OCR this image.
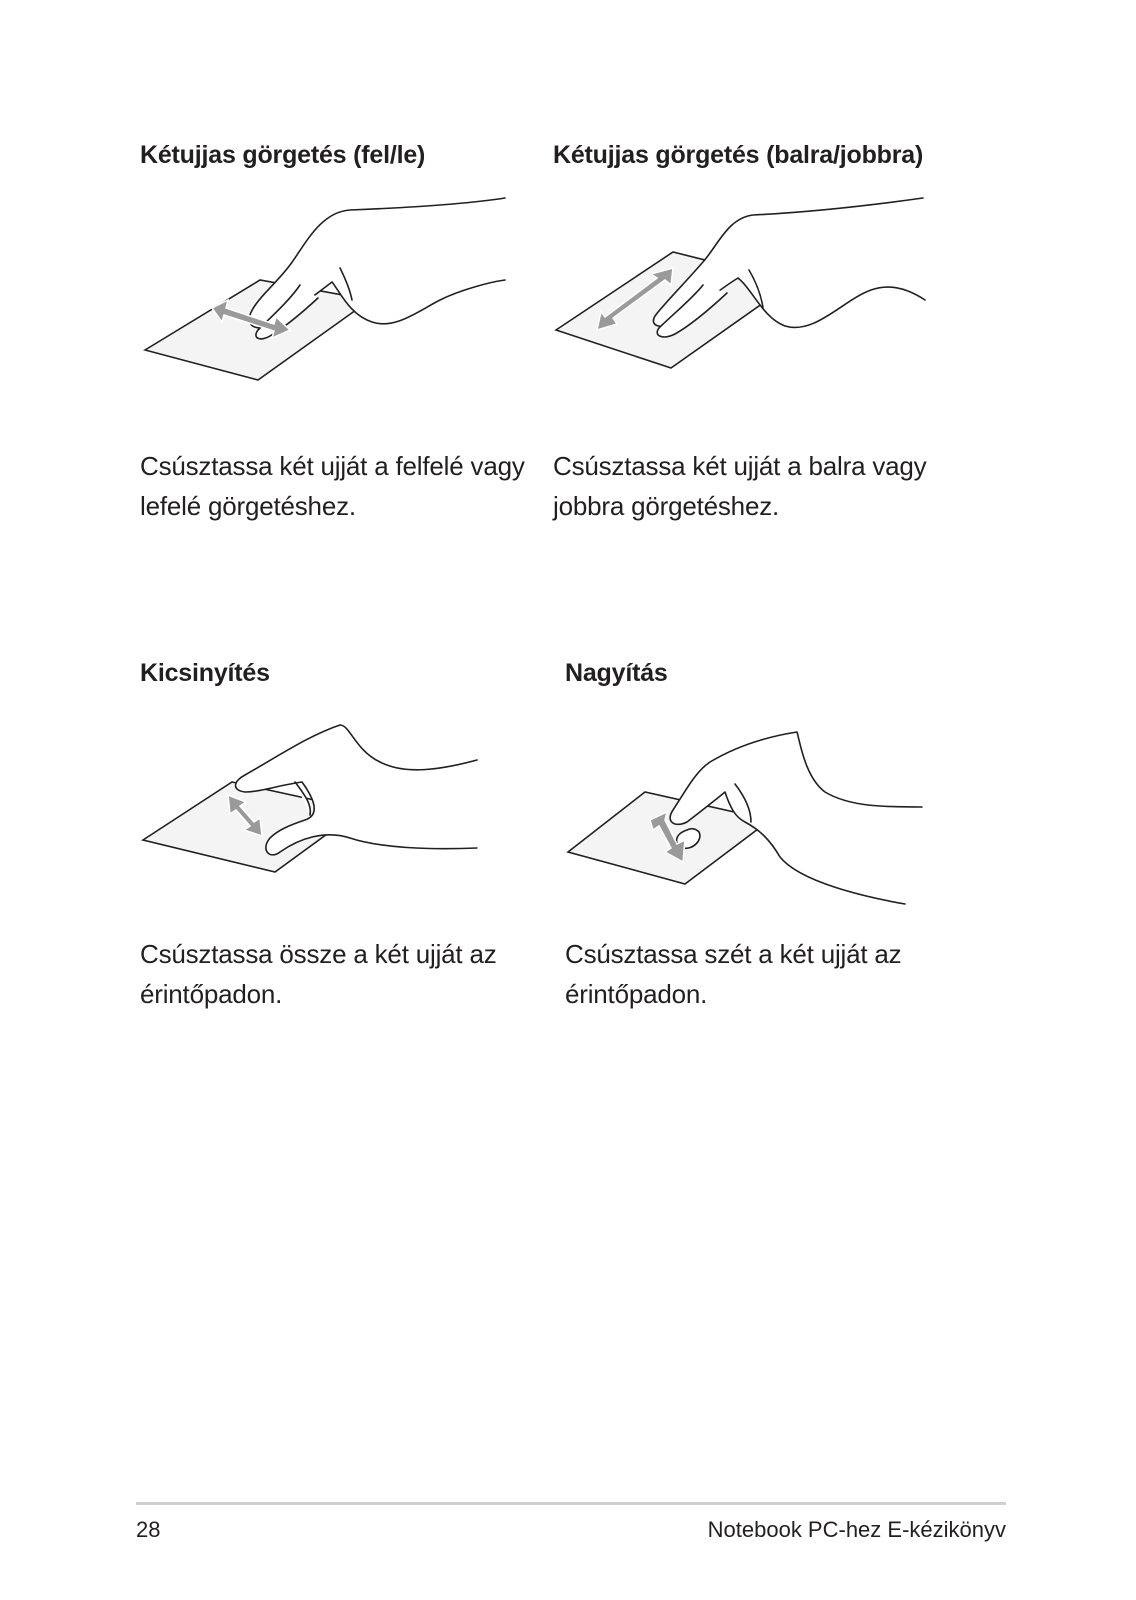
Kétujjas görgetés (fel/le)
Csúsztassa két ujját a felfelé vagy lefelé görgetéshez.
Kétujjas görgetés (balra/jobbra)
Csúsztassa két ujját a balra vagy jobbra görgetéshez.
Kicsinyítés
Csúsztassa össze a két ujját az érintőpadon.
Nagyítás
Csúsztassa szét a két ujját az érintőpadon.
28	Notebook PC-hez E-kézikönyv
